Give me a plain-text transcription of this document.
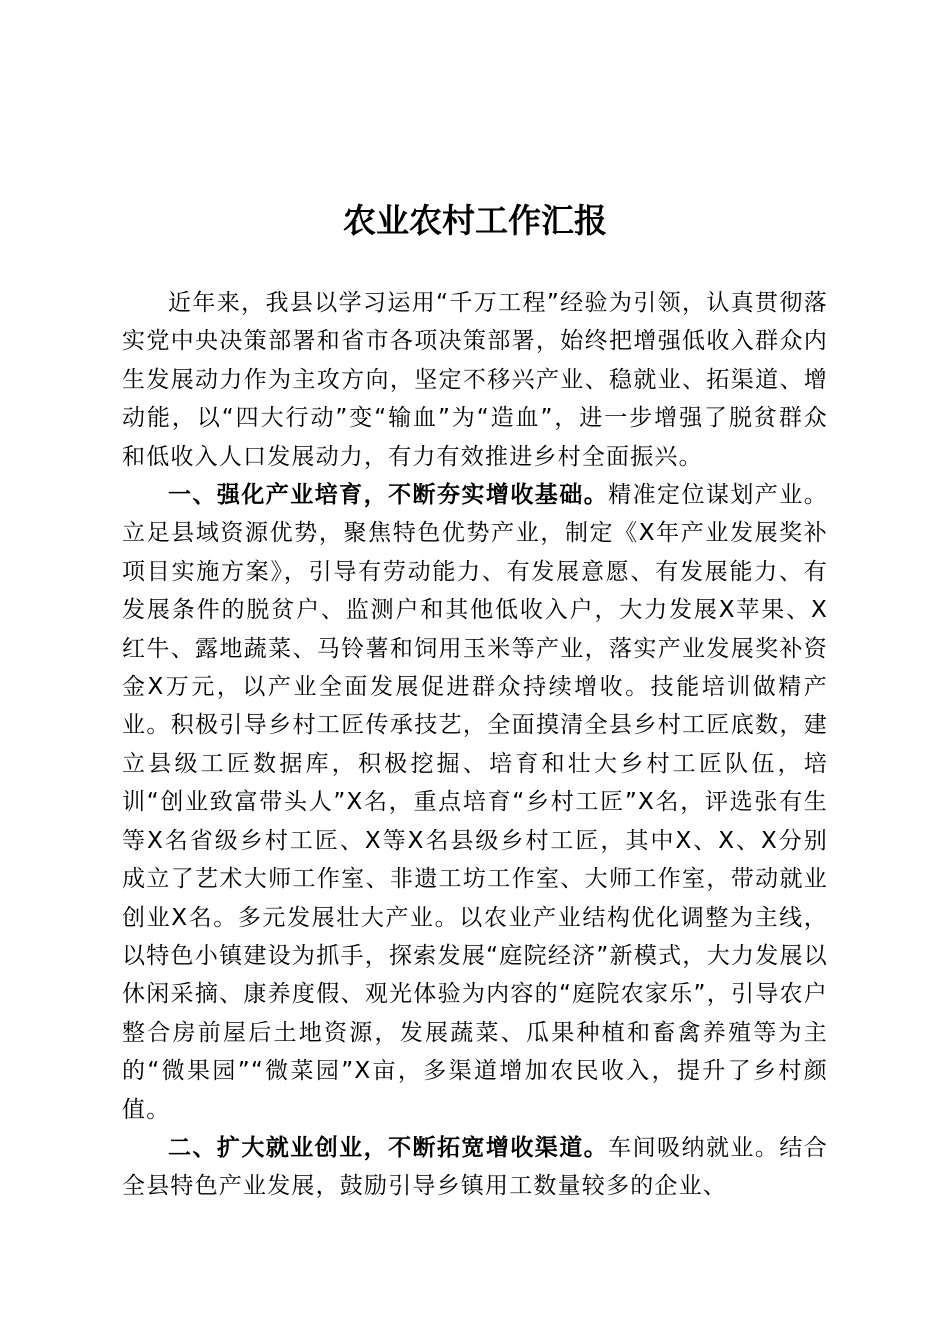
农业农村工作汇报

近年来，我县以学习运用“千万工程”经验为引领，认真贯彻落实党中央决策部署和省市各项决策部署，始终把增强低收入群众内生发展动力作为主攻方向，坚定不移兴产业、稳就业、拓渠道、增动能，以“四大行动”变“输血”为“造血”，进一步增强了脱贫群众和低收入人口发展动力，有力有效推进乡村全面振兴。

一、强化产业培育，不断夯实增收基础。精准定位谋划产业。立足县域资源优势，聚焦特色优势产业，制定《X年产业发展奖补项目实施方案》，引导有劳动能力、有发展意愿、有发展能力、有发展条件的脱贫户、监测户和其他低收入户，大力发展X苹果、X红牛、露地蔬菜、马铃薯和饲用玉米等产业，落实产业发展奖补资金X万元，以产业全面发展促进群众持续增收。技能培训做精产业。积极引导乡村工匠传承技艺，全面摸清全县乡村工匠底数，建立县级工匠数据库，积极挖掘、培育和壮大乡村工匠队伍，培训“创业致富带头人”X名，重点培育“乡村工匠”X名，评选张有生等X名省级乡村工匠、X等X名县级乡村工匠，其中X、X、X分别成立了艺术大师工作室、非遗工坊工作室、大师工作室，带动就业创业X名。多元发展壮大产业。以农业产业结构优化调整为主线，以特色小镇建设为抓手，探索发展“庭院经济”新模式，大力发展以休闲采摘、康养度假、观光体验为内容的“庭院农家乐”，引导农户整合房前屋后土地资源，发展蔬菜、瓜果种植和畜禽养殖等为主的“微果园”“微菜园”X亩，多渠道增加农民收入，提升了乡村颜值。

二、扩大就业创业，不断拓宽增收渠道。车间吸纳就业。结合全县特色产业发展，鼓励引导乡镇用工数量较多的企业、
